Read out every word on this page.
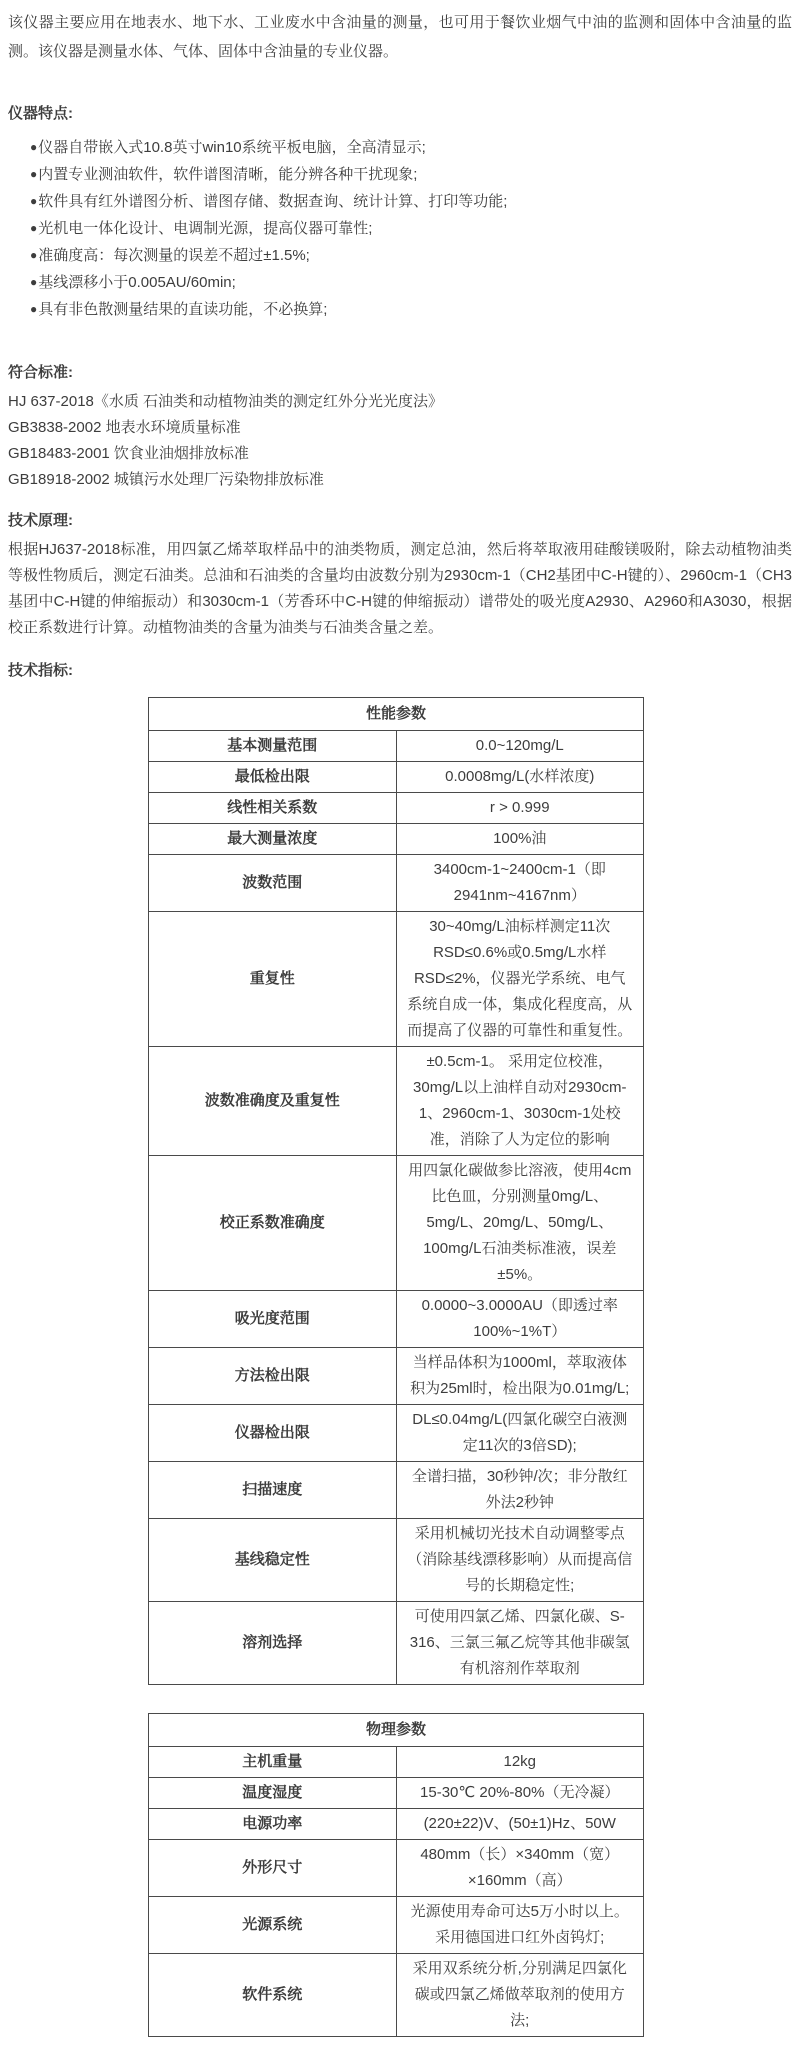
该仪器主要应用在地表水、地下水、工业废水中含油量的测量，也可用于餐饮业烟气中油的监测和固体中含油量的监测。该仪器是测量水体、气体、固体中含油量的专业仪器。

仪器特点:
●仪器自带嵌入式10.8英寸win10系统平板电脑，全高清显示;
●内置专业测油软件，软件谱图清晰，能分辨各种干扰现象;
●软件具有红外谱图分析、谱图存储、数据查询、统计计算、打印等功能;
●光机电一体化设计、电调制光源，提高仪器可靠性;
●准确度高：每次测量的误差不超过±1.5%;
●基线漂移小于0.005AU/60min;
●具有非色散测量结果的直读功能，不必换算;
符合标准:
HJ 637-2018《水质 石油类和动植物油类的测定红外分光光度法》
GB3838-2002 地表水环境质量标准
GB18483-2001 饮食业油烟排放标准
GB18918-2002 城镇污水处理厂污染物排放标准
技术原理:

根据HJ637-2018标准，用四氯乙烯萃取样品中的油类物质，测定总油，然后将萃取液用硅酸镁吸附，除去动植物油类等极性物质后，测定石油类。总油和石油类的含量均由波数分别为2930cm-1（CH2基团中C-H键的）、2960cm-1（CH3基团中C-H键的伸缩振动）和3030cm-1（芳香环中C-H键的伸缩振动）谱带处的吸光度A2930、A2960和A3030，根据校正系数进行计算。动植物油类的含量为油类与石油类含量之差。

技术指标:
性能参数	
基本测量范围	0.0~120mg/L
最低检出限	0.0008mg/L(水样浓度)
线性相关系数	r > 0.999
最大测量浓度	100%油
波数范围	3400cm-1~2400cm-1（即2941nm~4167nm）
重复性	30~40mg/L油标样测定11次 RSD≤0.6%或0.5mg/L水样RSD≤2%，仪器光学系统、电气系统自成一体，集成化程度高，从而提高了仪器的可靠性和重复性。
波数准确度及重复性	±0.5cm-1。 采用定位校准，30mg/L以上油样自动对2930cm-1、2960cm-1、3030cm-1处校准，消除了人为定位的影响
校正系数准确度	用四氯化碳做参比溶液，使用4cm比色皿，分别测量0mg/L、5mg/L、20mg/L、50mg/L、100mg/L石油类标准液，误差±5%。
吸光度范围	0.0000~3.0000AU（即透过率100%~1%T）
方法检出限	当样品体积为1000ml，萃取液体积为25ml时，检出限为0.01mg/L;
仪器检出限	DL≤0.04mg/L(四氯化碳空白液测定11次的3倍SD);
扫描速度	全谱扫描，30秒钟/次；非分散红外法2秒钟
基线稳定性	采用机械切光技术自动调整零点（消除基线漂移影响）从而提高信号的长期稳定性;
溶剂选择	可使用四氯乙烯、四氯化碳、S-316、三氯三氟乙烷等其他非碳氢有机溶剂作萃取剂
物理参数	
主机重量	12kg
温度湿度	15-30℃ 20%-80%（无冷凝）
电源功率	(220±22)V、(50±1)Hz、50W
外形尺寸	480mm（长）×340mm（宽）×160mm（高）
光源系统	光源使用寿命可达5万小时以上。采用德国进口红外卤钨灯;
软件系统	采用双系统分析,分别满足四氯化碳或四氯乙烯做萃取剂的使用方法;
